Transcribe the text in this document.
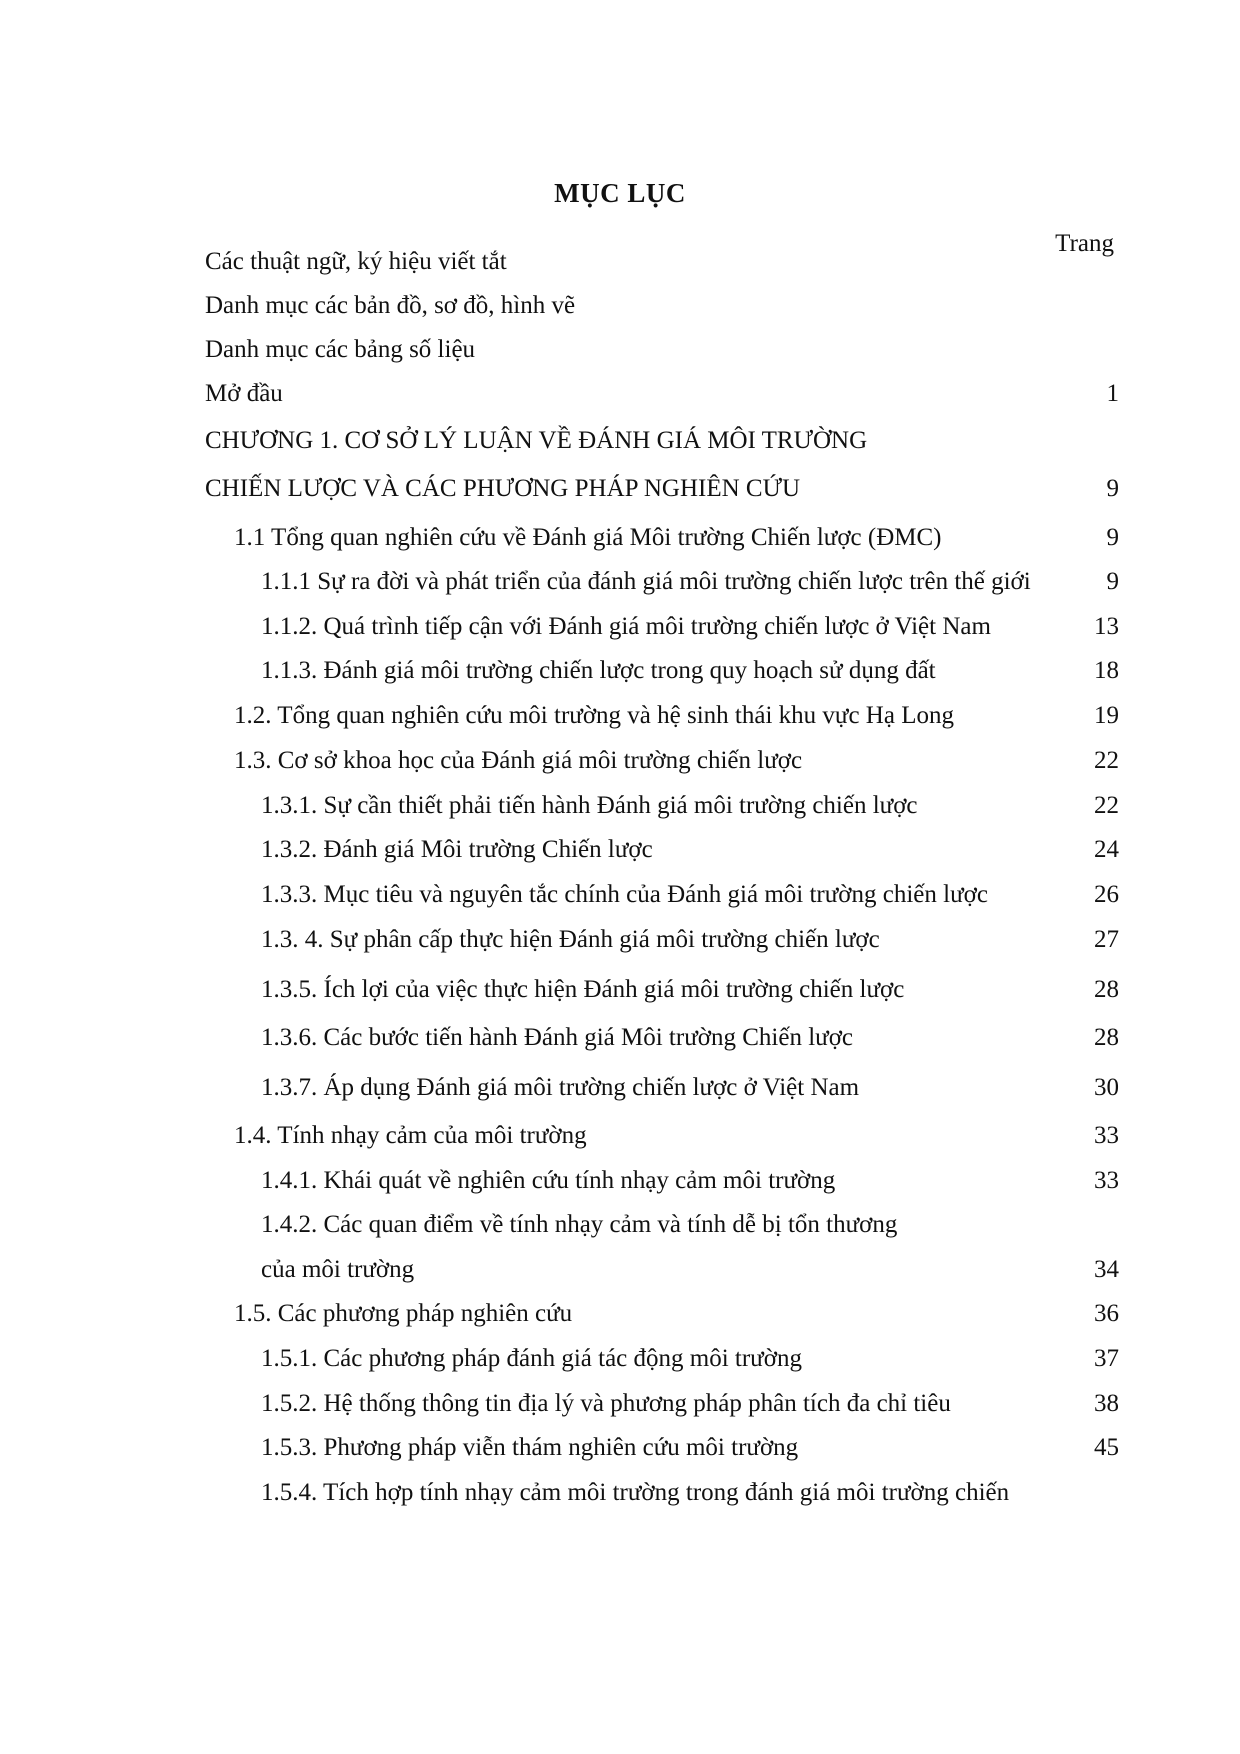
MỤC LỤC
Trang
Các thuật ngữ, ký hiệu viết tắt
Danh mục các bản đồ, sơ đồ, hình vẽ
Danh mục các bảng số liệu
Mở đầu	1
CHƯƠNG 1. CƠ SỞ LÝ LUẬN VỀ ĐÁNH GIÁ MÔI TRƯỜNG
CHIẾN LƯỢC VÀ CÁC PHƯƠNG PHÁP NGHIÊN CỨU	9
1.1 Tổng quan nghiên cứu về Đánh giá Môi trường Chiến lược (ĐMC)	9
1.1.1 Sự ra đời và phát triển của đánh giá môi trường chiến lược trên thế giới	9
1.1.2. Quá trình tiếp cận với Đánh giá môi trường chiến lược ở Việt Nam	13
1.1.3. Đánh giá môi trường chiến lược trong quy hoạch sử dụng đất	18
1.2. Tổng quan nghiên cứu môi trường và hệ sinh thái khu vực Hạ Long	19
1.3. Cơ sở khoa học của Đánh giá môi trường chiến lược	22
1.3.1. Sự cần thiết phải tiến hành Đánh giá môi trường chiến lược	22
1.3.2. Đánh giá Môi trường Chiến lược	24
1.3.3. Mục tiêu và nguyên tắc chính của Đánh giá môi trường chiến lược	26
1.3. 4. Sự phân cấp thực hiện Đánh giá môi trường chiến lược	27
1.3.5. Ích lợi của việc thực hiện Đánh giá môi trường chiến lược	28
1.3.6. Các bước tiến hành Đánh giá Môi trường Chiến lược	28
1.3.7. Áp dụng Đánh giá môi trường chiến lược ở Việt Nam	30
1.4. Tính nhạy cảm của môi trường	33
1.4.1. Khái quát về nghiên cứu tính nhạy cảm môi trường	33
1.4.2. Các quan điểm về tính nhạy cảm và tính dễ bị tổn thương
của môi trường	34
1.5. Các phương pháp nghiên cứu	36
1.5.1. Các phương pháp đánh giá tác động môi trường	37
1.5.2. Hệ thống thông tin địa lý và phương pháp phân tích đa chỉ tiêu	38
1.5.3. Phương pháp viễn thám nghiên cứu môi trường	45
1.5.4. Tích hợp tính nhạy cảm môi trường trong đánh giá môi trường chiến
